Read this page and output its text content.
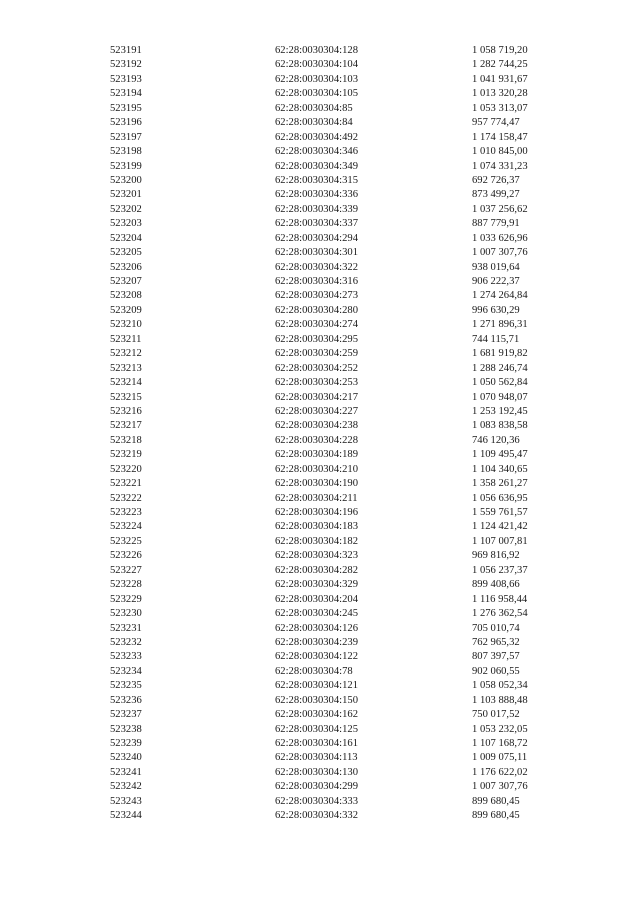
523191	62:28:0030304:128	1 058 719,20
523192	62:28:0030304:104	1 282 744,25
523193	62:28:0030304:103	1 041 931,67
523194	62:28:0030304:105	1 013 320,28
523195	62:28:0030304:85	1 053 313,07
523196	62:28:0030304:84	957 774,47
523197	62:28:0030304:492	1 174 158,47
523198	62:28:0030304:346	1 010 845,00
523199	62:28:0030304:349	1 074 331,23
523200	62:28:0030304:315	692 726,37
523201	62:28:0030304:336	873 499,27
523202	62:28:0030304:339	1 037 256,62
523203	62:28:0030304:337	887 779,91
523204	62:28:0030304:294	1 033 626,96
523205	62:28:0030304:301	1 007 307,76
523206	62:28:0030304:322	938 019,64
523207	62:28:0030304:316	906 222,37
523208	62:28:0030304:273	1 274 264,84
523209	62:28:0030304:280	996 630,29
523210	62:28:0030304:274	1 271 896,31
523211	62:28:0030304:295	744 115,71
523212	62:28:0030304:259	1 681 919,82
523213	62:28:0030304:252	1 288 246,74
523214	62:28:0030304:253	1 050 562,84
523215	62:28:0030304:217	1 070 948,07
523216	62:28:0030304:227	1 253 192,45
523217	62:28:0030304:238	1 083 838,58
523218	62:28:0030304:228	746 120,36
523219	62:28:0030304:189	1 109 495,47
523220	62:28:0030304:210	1 104 340,65
523221	62:28:0030304:190	1 358 261,27
523222	62:28:0030304:211	1 056 636,95
523223	62:28:0030304:196	1 559 761,57
523224	62:28:0030304:183	1 124 421,42
523225	62:28:0030304:182	1 107 007,81
523226	62:28:0030304:323	969 816,92
523227	62:28:0030304:282	1 056 237,37
523228	62:28:0030304:329	899 408,66
523229	62:28:0030304:204	1 116 958,44
523230	62:28:0030304:245	1 276 362,54
523231	62:28:0030304:126	705 010,74
523232	62:28:0030304:239	762 965,32
523233	62:28:0030304:122	807 397,57
523234	62:28:0030304:78	902 060,55
523235	62:28:0030304:121	1 058 052,34
523236	62:28:0030304:150	1 103 888,48
523237	62:28:0030304:162	750 017,52
523238	62:28:0030304:125	1 053 232,05
523239	62:28:0030304:161	1 107 168,72
523240	62:28:0030304:113	1 009 075,11
523241	62:28:0030304:130	1 176 622,02
523242	62:28:0030304:299	1 007 307,76
523243	62:28:0030304:333	899 680,45
523244	62:28:0030304:332	899 680,45
